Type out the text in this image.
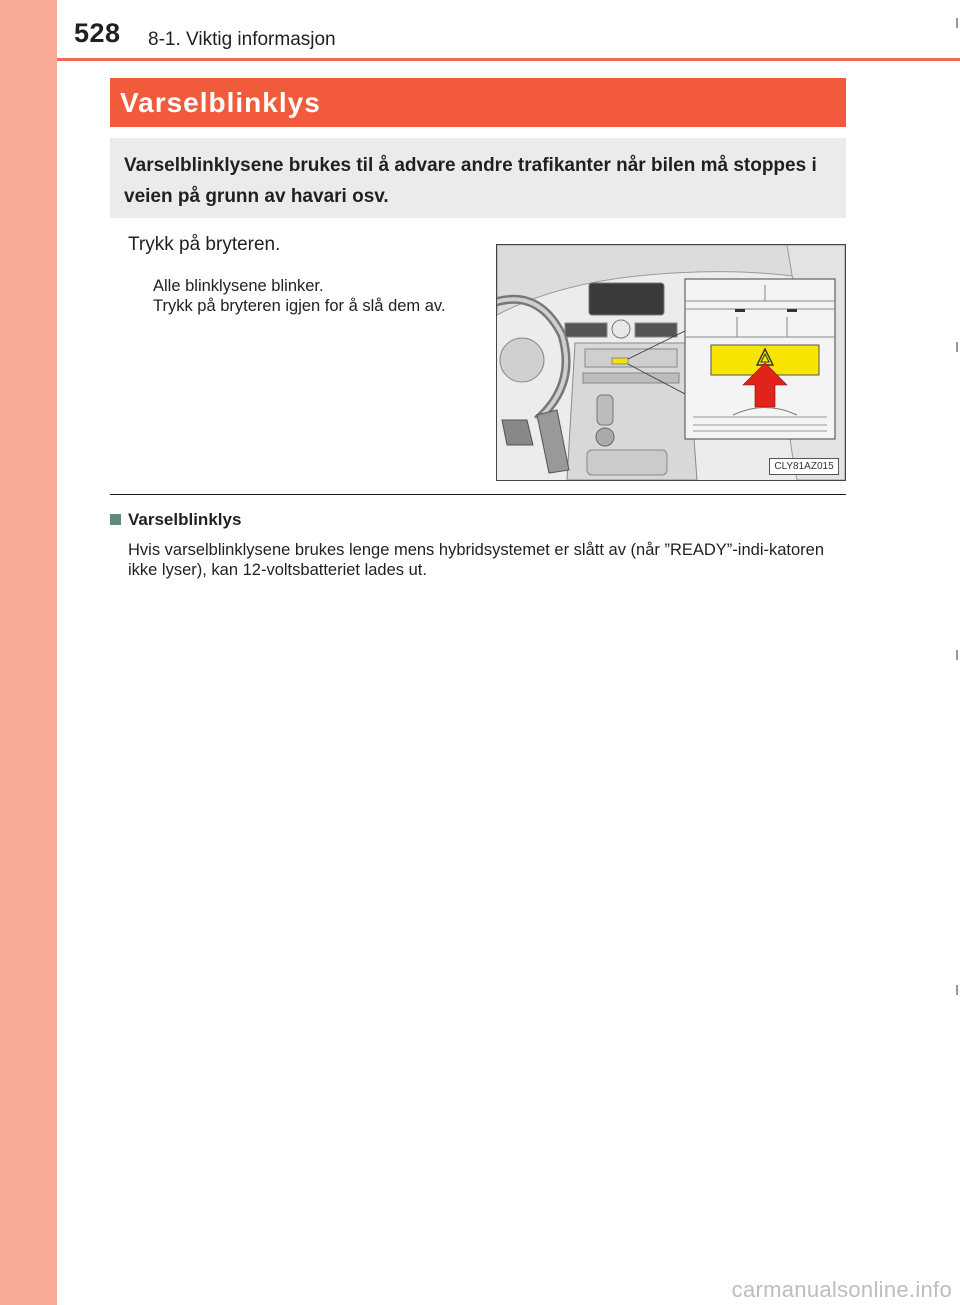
528 8-1. Viktig informasjon
Varselblinklys
Varselblinklysene brukes til å advare andre trafikanter når bilen må stoppes i veien på grunn av havari osv.
Trykk på bryteren.
Alle blinklysene blinker.
Trykk på bryteren igjen for å slå dem av.
CLY81AZ015
Varselblinklys
Hvis varselblinklysene brukes lenge mens hybridsystemet er slått av (når ”READY”-indi-katoren ikke lyser), kan 12-voltsbatteriet lades ut.
carmanualsonline.info
